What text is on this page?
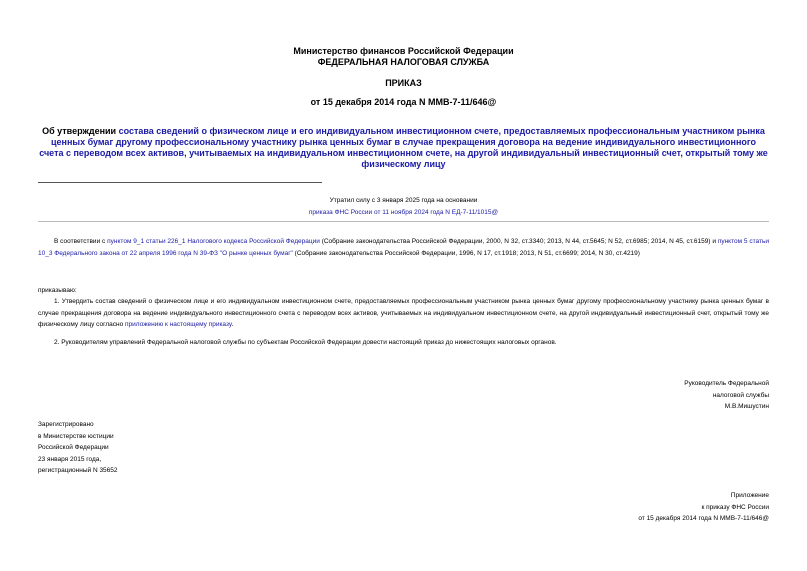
Министерство финансов Российской Федерации
ФЕДЕРАЛЬНАЯ НАЛОГОВАЯ СЛУЖБА
ПРИКАЗ
от 15 декабря 2014 года N ММВ-7-11/646@
Об утверждении состава сведений о физическом лице и его индивидуальном инвестиционном счете, предоставляемых профессиональным участником рынка ценных бумаг другому профессиональному участнику рынка ценных бумаг в случае прекращения договора на ведение индивидуального инвестиционного счета с переводом всех активов, учитываемых на индивидуальном инвестиционном счете, на другой индивидуальный инвестиционный счет, открытый тому же физическому лицу
Утратил силу с 3 января 2025 года на основании
приказа ФНС России от 11 ноября 2024 года N ЕД-7-11/1015@
В соответствии с пунктом 9_1 статьи 226_1 Налогового кодекса Российской Федерации (Собрание законодательства Российской Федерации, 2000, N 32, ст.3340; 2013, N 44, ст.5645; N 52, ст.6985; 2014, N 45, ст.6159) и пунктом 5 статьи 10_3 Федерального закона от 22 апреля 1996 года N 39-ФЗ "О рынке ценных бумаг" (Собрание законодательства Российской Федерации, 1996, N 17, ст.1918; 2013, N 51, ст.6699; 2014, N 30, ст.4219)
приказываю:
1. Утвердить состав сведений о физическом лице и его индивидуальном инвестиционном счете, предоставляемых профессиональным участником рынка ценных бумаг другому профессиональному участнику рынка ценных бумаг в случае прекращения договора на ведение индивидуального инвестиционного счета с переводом всех активов, учитываемых на индивидуальном инвестиционном счете, на другой индивидуальный инвестиционный счет, открытый тому же физическому лицу согласно приложению к настоящему приказу.
2. Руководителям управлений Федеральной налоговой службы по субъектам Российской Федерации довести настоящий приказ до нижестоящих налоговых органов.
Руководитель Федеральной
налоговой службы
М.В.Мишустин
Зарегистрировано
в Министерстве юстиции
Российской Федерации
23 января 2015 года,
регистрационный N 35652
Приложение
к приказу ФНС России
от 15 декабря 2014 года N ММВ-7-11/646@
